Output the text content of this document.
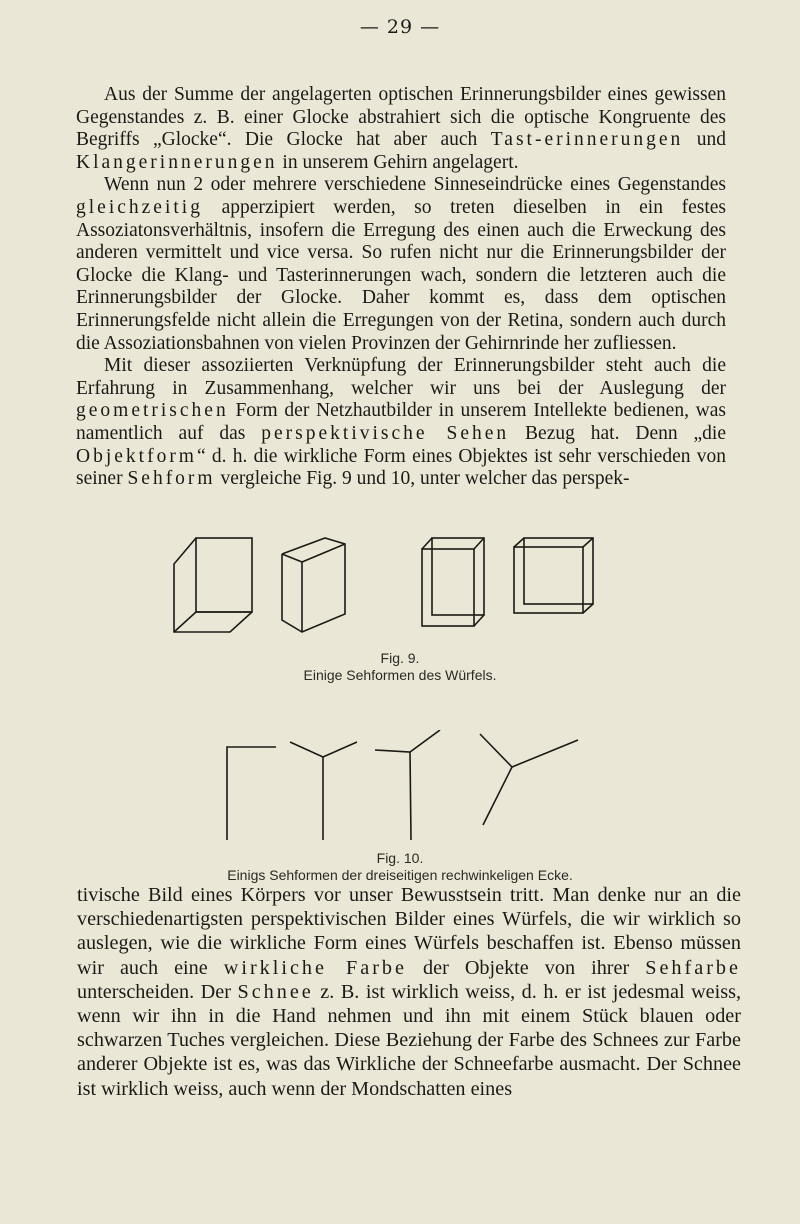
— 29 —

Aus der Summe der angelagerten optischen Erinnerungsbilder eines gewissen Gegenstandes z. B. einer Glocke abstrahiert sich die optische Kongruente des Begriffs „Glocke“. Die Glocke hat aber auch Tast-erinnerungen und Klangerinnerungen in unserem Gehirn angelagert.

Wenn nun 2 oder mehrere verschiedene Sinneseindrücke eines Gegenstandes gleichzeitig apperzipiert werden, so treten dieselben in ein festes Assoziatonsverhältnis, insofern die Erregung des einen auch die Erweckung des anderen vermittelt und vice versa. So rufen nicht nur die Erinnerungsbilder der Glocke die Klang- und Tasterinnerungen wach, sondern die letzteren auch die Erinnerungsbilder der Glocke. Daher kommt es, dass dem optischen Erinnerungsfelde nicht allein die Erregungen von der Retina, sondern auch durch die Assoziationsbahnen von vielen Provinzen der Gehirnrinde her zufliessen.

Mit dieser assoziierten Verknüpfung der Erinnerungsbilder steht auch die Erfahrung in Zusammenhang, welcher wir uns bei der Auslegung der geometrischen Form der Netzhautbilder in unserem Intellekte bedienen, was namentlich auf das perspektivische Sehen Bezug hat. Denn „die Objektform“ d. h. die wirkliche Form eines Objektes ist sehr verschieden von seiner Sehform vergleiche Fig. 9 und 10, unter welcher das perspek-

Fig. 9.
Einige Sehformen des Würfels.
Fig. 10.
Einigs Sehformen der dreiseitigen rechwinkeligen Ecke.

tivische Bild eines Körpers vor unser Bewusstsein tritt. Man denke nur an die verschiedenartigsten perspektivischen Bilder eines Würfels, die wir wirklich so auslegen, wie die wirkliche Form eines Würfels beschaffen ist. Ebenso müssen wir auch eine wirkliche Farbe der Objekte von ihrer Sehfarbe unterscheiden. Der Schnee z. B. ist wirklich weiss, d. h. er ist jedesmal weiss, wenn wir ihn in die Hand nehmen und ihn mit einem Stück blauen oder schwarzen Tuches vergleichen. Diese Beziehung der Farbe des Schnees zur Farbe anderer Objekte ist es, was das Wirkliche der Schneefarbe ausmacht. Der Schnee ist wirklich weiss, auch wenn der Mondschatten eines
